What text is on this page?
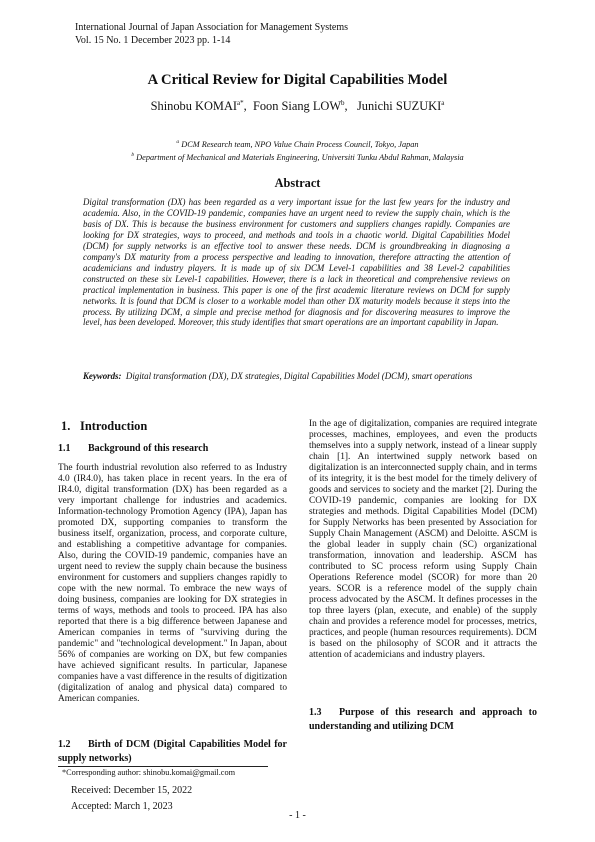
International Journal of Japan Association for Management Systems
Vol. 15 No. 1 December 2023 pp. 1-14
A Critical Review for Digital Capabilities Model
Shinobu $KOMAI^{a*}$,  Foon Siang LOW$^b$,   Junichi SUZUKI$^a$
$^a$ DCM Research team, NPO Value Chain Process Council, Tokyo, Japan
$^b$ Department of Mechanical and Materials Engineering, Universiti Tunku Abdul Rahman, Malaysia
Abstract
Digital transformation (DX) has been regarded as a very important issue for the last few years for the industry and academia. Also, in the COVID-19 pandemic, companies have an urgent need to review the supply chain, which is the basis of DX. This is because the business environment for customers and suppliers changes rapidly. Companies are looking for DX strategies, ways to proceed, and methods and tools in a chaotic world. Digital Capabilities Model (DCM) for supply networks is an effective tool to answer these needs. DCM is groundbreaking in diagnosing a company's DX maturity from a process perspective and leading to innovation, therefore attracting the attention of academicians and industry players. It is made up of six DCM Level-1 capabilities and 38 Level-2 capabilities constructed on these six Level-1 capabilities. However, there is a lack in theoretical and comprehensive reviews on practical implementation in business. This paper is one of the first academic literature reviews on DCM for supply networks. It is found that DCM is closer to a workable model than other DX maturity models because it steps into the process. By utilizing DCM, a simple and precise method for diagnosis and for discovering measures to improve the level, has been developed. Moreover, this study identifies that smart operations are an important capability in Japan.
Keywords: Digital transformation (DX), DX strategies, Digital Capabilities Model (DCM), smart operations
1. Introduction
1.1 Background of this research
The fourth industrial revolution also referred to as Industry 4.0 (IR4.0), has taken place in recent years. In the era of IR4.0, digital transformation (DX) has been regarded as a very important challenge for industries and academics. Information-technology Promotion Agency (IPA), Japan has promoted DX, supporting companies to transform the business itself, organization, process, and corporate culture, and establishing a competitive advantage for companies. Also, during the COVID-19 pandemic, companies have an urgent need to review the supply chain because the business environment for customers and suppliers changes rapidly to cope with the new normal. To embrace the new ways of doing business, companies are looking for DX strategies in terms of ways, methods and tools to proceed. IPA has also reported that there is a big difference between Japanese and American companies in terms of "surviving during the pandemic" and "technological development." In Japan, about 56% of companies are working on DX, but few companies have achieved significant results. In particular, Japanese companies have a vast difference in the results of digitization (digitalization of analog and physical data) compared to American companies.
1.2 Birth of DCM (Digital Capabilities Model for supply networks)
In the age of digitalization, companies are required integrate processes, machines, employees, and even the products themselves into a supply network, instead of a linear supply chain [1]. An intertwined supply network based on digitalization is an interconnected supply chain, and in terms of its integrity, it is the best model for the timely delivery of goods and services to society and the market [2]. During the COVID-19 pandemic, companies are looking for DX strategies and methods. Digital Capabilities Model (DCM) for Supply Networks has been presented by Association for Supply Chain Management (ASCM) and Deloitte. ASCM is the global leader in supply chain (SC) organizational transformation, innovation and leadership. ASCM has contributed to SC process reform using Supply Chain Operations Reference model (SCOR) for more than 20 years. SCOR is a reference model of the supply chain process advocated by the ASCM. It defines processes in the top three layers (plan, execute, and enable) of the supply chain and provides a reference model for processes, metrics, practices, and people (human resources requirements). DCM is based on the philosophy of SCOR and it attracts the attention of academicians and industry players.
1.3 Purpose of this research and approach to understanding and utilizing DCM
*Corresponding author: shinobu.komai@gmail.com
Received: December 15, 2022
Accepted: March 1, 2023
- 1 -
